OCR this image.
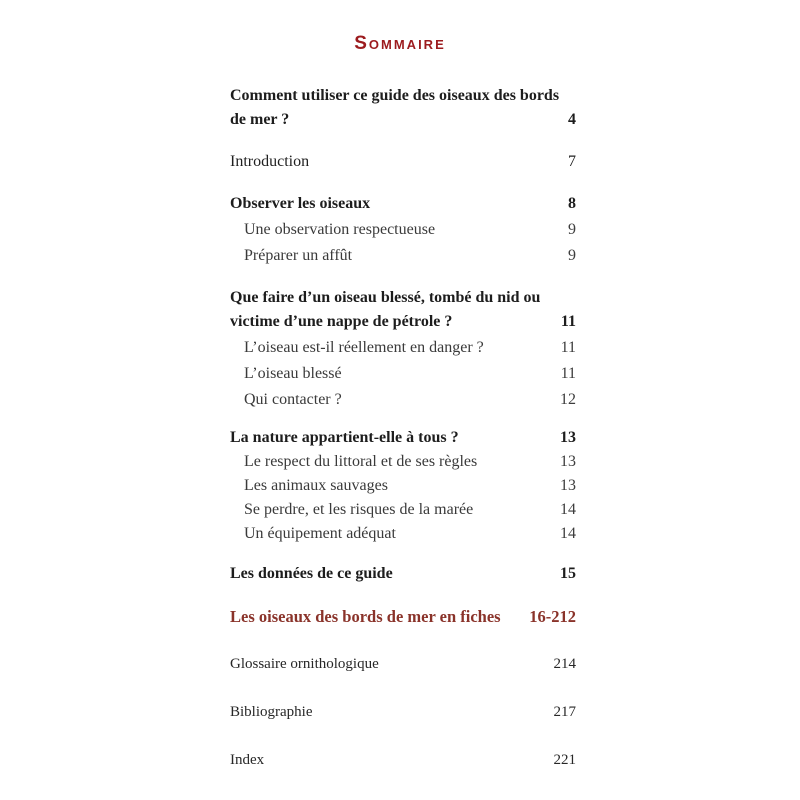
Sommaire
Comment utiliser ce guide des oiseaux des bords de mer ?	4
Introduction	7
Observer les oiseaux	8
Une observation respectueuse	9
Préparer un affût	9
Que faire d’un oiseau blessé, tombé du nid ou victime d’une nappe de pétrole ?	11
L’oiseau est-il réellement en danger ?	11
L’oiseau blessé	11
Qui contacter ?	12
La nature appartient-elle à tous ?	13
Le respect du littoral et de ses règles	13
Les animaux sauvages	13
Se perdre, et les risques de la marée	14
Un équipement adéquat	14
Les données de ce guide	15
Les oiseaux des bords de mer en fiches	16-212
Glossaire ornithologique	214
Bibliographie	217
Index	221
